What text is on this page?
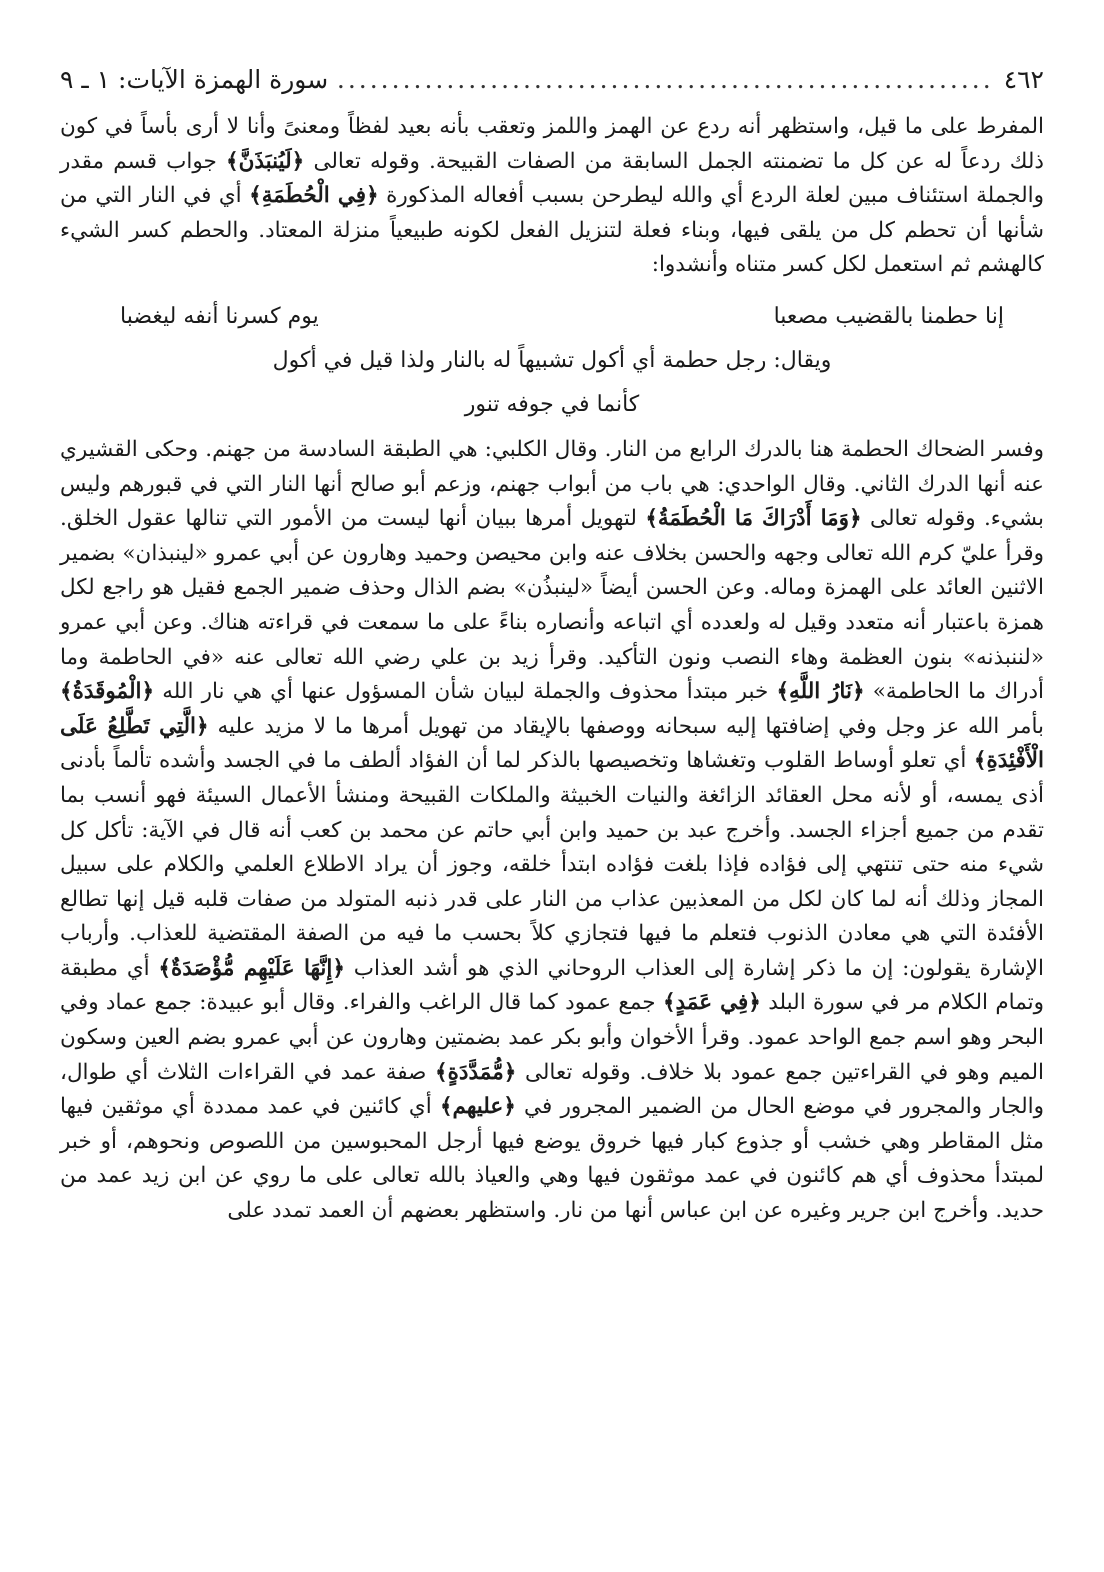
٤٦٢
.....
سورة الهمزة الآيات: ١ ـ ٩

المفرط على ما قيل، واستظهر أنه ردع عن الهمز واللمز وتعقب بأنه بعيد لفظاً ومعنىً وأنا لا أرى بأساً في كون ذلك ردعاً له عن كل ما تضمنته الجمل السابقة من الصفات القبيحة. وقوله تعالى ﴿لَيُنبَذَنَّ﴾ جواب قسم مقدر والجملة استئناف مبين لعلة الردع أي والله ليطرحن بسبب أفعاله المذكورة ﴿فِي الْحُطَمَةِ﴾ أي في النار التي من شأنها أن تحطم كل من يلقى فيها، وبناء فعلة لتنزيل الفعل لكونه طبيعياً منزلة المعتاد. والحطم كسر الشيء كالهشم ثم استعمل لكل كسر متناه وأنشدوا:

إنا حطمنا بالقضيب مصعبا
يوم كسرنا أنفه ليغضبا
ويقال: رجل حطمة أي أكول تشبيهاً له بالنار ولذا قيل في أكول
كأنما في جوفه تنور

وفسر الضحاك الحطمة هنا بالدرك الرابع من النار. وقال الكلبي: هي الطبقة السادسة من جهنم. وحكى القشيري عنه أنها الدرك الثاني. وقال الواحدي: هي باب من أبواب جهنم، وزعم أبو صالح أنها النار التي في قبورهم وليس بشيء. وقوله تعالى ﴿وَمَا أَدْرَاكَ مَا الْحُطَمَةُ﴾ لتهويل أمرها ببيان أنها ليست من الأمور التي تنالها عقول الخلق. وقرأ عليّ كرم الله تعالى وجهه والحسن بخلاف عنه وابن محيصن وحميد وهارون عن أبي عمرو «لينبذان» بضمير الاثنين العائد على الهمزة وماله. وعن الحسن أيضاً «لينبذُن» بضم الذال وحذف ضمير الجمع فقيل هو راجع لكل همزة باعتبار أنه متعدد وقيل له ولعدده أي اتباعه وأنصاره بناءً على ما سمعت في قراءته هناك. وعن أبي عمرو «لننبذنه» بنون العظمة وهاء النصب ونون التأكيد. وقرأ زيد بن علي رضي الله تعالى عنه «في الحاطمة وما أدراك ما الحاطمة» ﴿نَارُ اللَّهِ﴾ خبر مبتدأ محذوف والجملة لبيان شأن المسؤول عنها أي هي نار الله ﴿الْمُوقَدَةُ﴾ بأمر الله عز وجل وفي إضافتها إليه سبحانه ووصفها بالإيقاد من تهويل أمرها ما لا مزيد عليه ﴿الَّتِي تَطَّلِعُ عَلَى الْأَفْئِدَةِ﴾ أي تعلو أوساط القلوب وتغشاها وتخصيصها بالذكر لما أن الفؤاد ألطف ما في الجسد وأشده تألماً بأدنى أذى يمسه، أو لأنه محل العقائد الزائغة والنيات الخبيثة والملكات القبيحة ومنشأ الأعمال السيئة فهو أنسب بما تقدم من جميع أجزاء الجسد. وأخرج عبد بن حميد وابن أبي حاتم عن محمد بن كعب أنه قال في الآية: تأكل كل شيء منه حتى تنتهي إلى فؤاده فإذا بلغت فؤاده ابتدأ خلقه، وجوز أن يراد الاطلاع العلمي والكلام على سبيل المجاز وذلك أنه لما كان لكل من المعذبين عذاب من النار على قدر ذنبه المتولد من صفات قلبه قيل إنها تطالع الأفئدة التي هي معادن الذنوب فتعلم ما فيها فتجازي كلاً بحسب ما فيه من الصفة المقتضية للعذاب. وأرباب الإشارة يقولون: إن ما ذكر إشارة إلى العذاب الروحاني الذي هو أشد العذاب ﴿إِنَّهَا عَلَيْهِم مُّؤْصَدَةٌ﴾ أي مطبقة وتمام الكلام مر في سورة البلد ﴿فِي عَمَدٍ﴾ جمع عمود كما قال الراغب والفراء. وقال أبو عبيدة: جمع عماد وفي البحر وهو اسم جمع الواحد عمود. وقرأ الأخوان وأبو بكر عمد بضمتين وهارون عن أبي عمرو بضم العين وسكون الميم وهو في القراءتين جمع عمود بلا خلاف. وقوله تعالى ﴿مُّمَدَّدَةٍ﴾ صفة عمد في القراءات الثلاث أي طوال، والجار والمجرور في موضع الحال من الضمير المجرور في ﴿عليهم﴾ أي كائنين في عمد ممددة أي موثقين فيها مثل المقاطر وهي خشب أو جذوع كبار فيها خروق يوضع فيها أرجل المحبوسين من اللصوص ونحوهم، أو خبر لمبتدأ محذوف أي هم كائنون في عمد موثقون فيها وهي والعياذ بالله تعالى على ما روي عن ابن زيد عمد من حديد. وأخرج ابن جرير وغيره عن ابن عباس أنها من نار. واستظهر بعضهم أن العمد تمدد على
